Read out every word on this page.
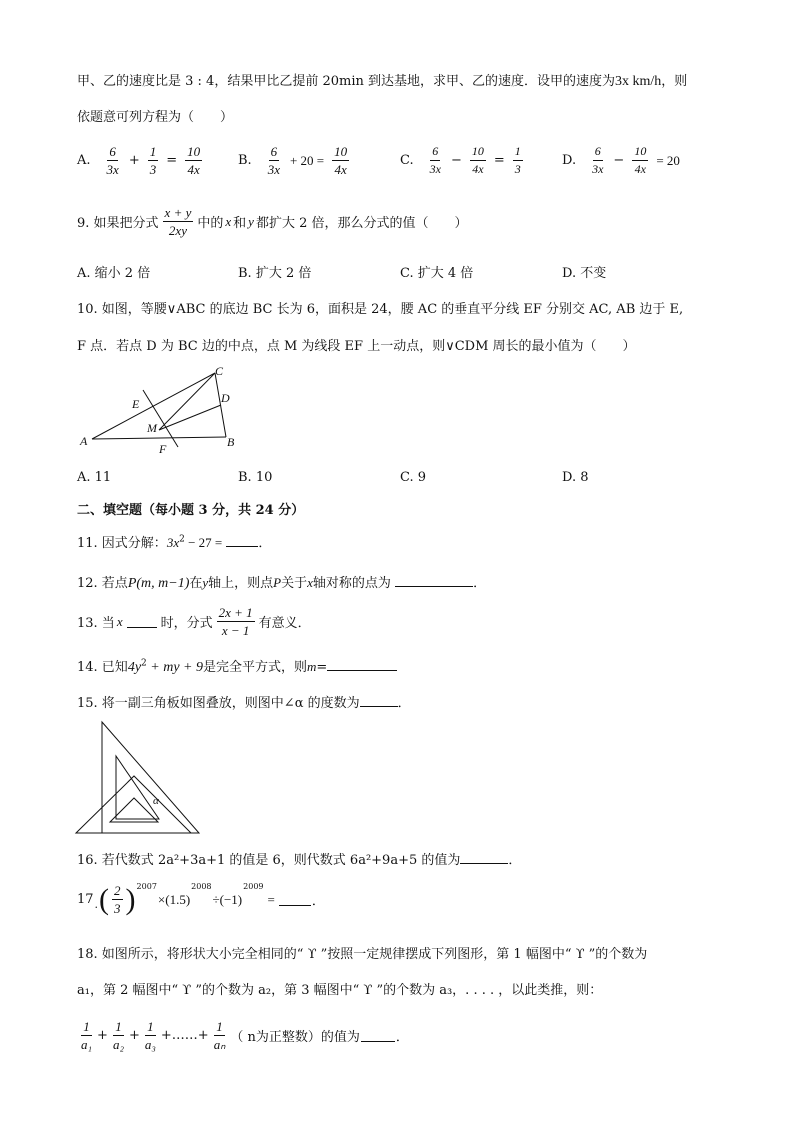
甲、乙的速度比是 3 : 4，结果甲比乙提前 20min 到达基地，求甲、乙的速度．设甲的速度为3x km/h，则
依题意可列方程为（　　）
A. $\frac{6}{3x} + \frac{1}{3} = \frac{10}{4x}$	B. $\frac{6}{3x} + 20 = \frac{10}{4x}$	C. $\frac{6}{3x} - \frac{10}{4x} = \frac{1}{3}$	D. $\frac{6}{3x} - \frac{10}{4x} = 20$
9. 如果把分式 $\frac{x + y}{2xy}$ 中的 x 和 y 都扩大 2 倍，那么分式的值（　　）
A. 缩小 2 倍	B. 扩大 2 倍	C. 扩大 4 倍	D. 不变
10. 如图，等腰∨ABC 的底边 BC 长为 6，面积是 24，腰 AC 的垂直平分线 EF 分别交 AC, AB 边于 E,
F 点．若点 D 为 BC 边的中点，点 M 为线段 EF 上一动点，则∨CDM 周长的最小值为（　　）
A	B
C
D
E
F
M
A. 11	B. 10	C. 9	D. 8
二、填空题（每小题 3 分，共 24 分）
11. 因式分解：$3x^2 - 27$ =	．
12. 若点P(m, m−1)在y轴上，则点P关于x轴对称的点为	．
13. 当 x	时，分式 $\frac{2x + 1}{x - 1}$ 有意义．
14. 已知$4y^2$ + my + 9是完全平方式，则m=
15. 将一副三角板如图叠放，则图中∠α 的度数为	．
α
16. 若代数式 2a²+3a+1 的值是 6，则代数式 6a²+9a+5 的值为	．
17 . ( $\frac{2}{3} )^{2007}$
×(1.5)
2008
÷(−1)
2009
=	．
18. 如图所示，将形状大小完全相同的“ ϒ ”按照一定规律摆成下列图形，第 1 幅图中“ ϒ ”的个数为
a₁，第 2 幅图中“ ϒ ”的个数为 a₂，第 3 幅图中“ ϒ ”的个数为 a₃，. . . . ，以此类推，则：
$\frac{1}{\text{a₁}} + \frac{1}{\text{a₂}} + \frac{1}{\text{a₃}}$ +……+ $\frac{1}{\text{aₙ}}$ （ n为正整数）的值为	．
